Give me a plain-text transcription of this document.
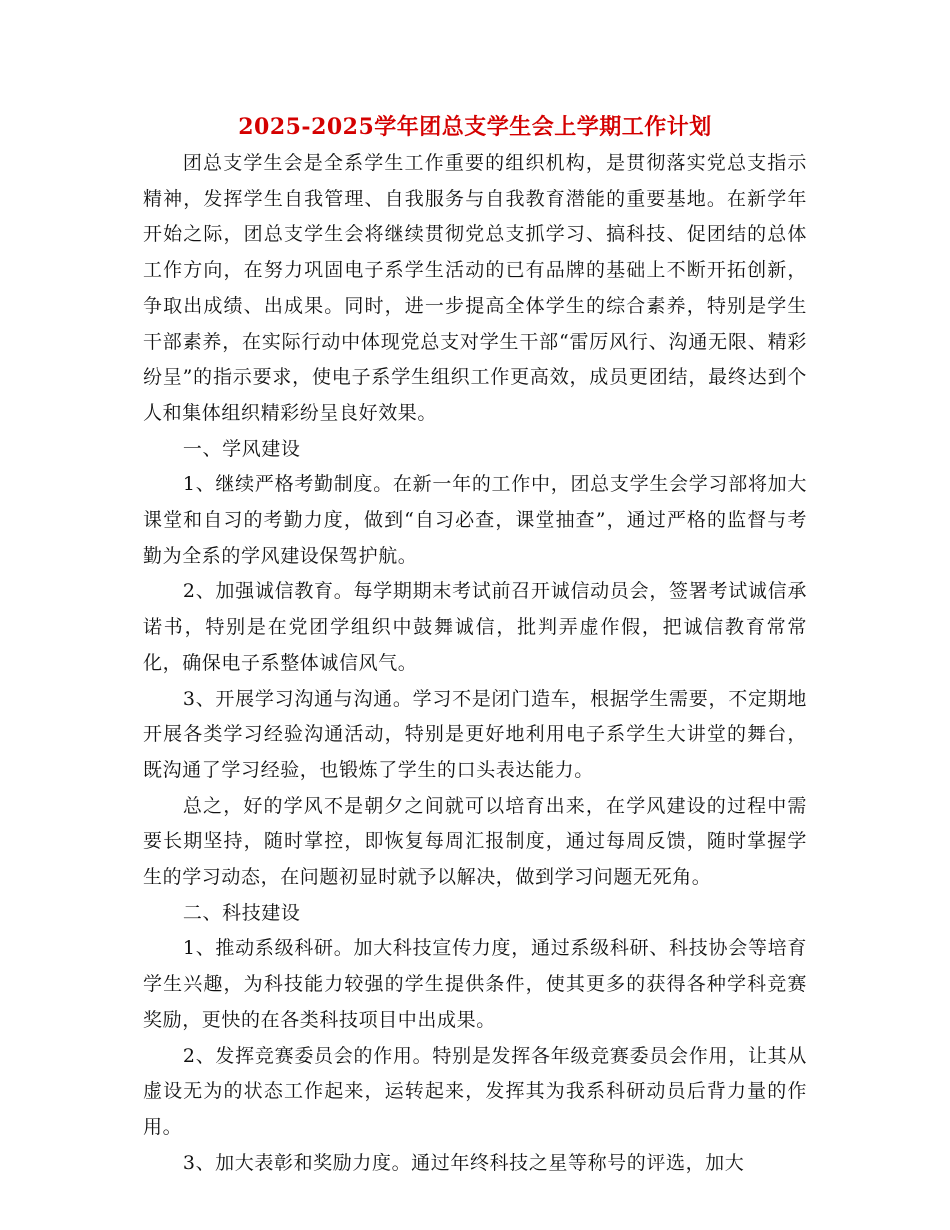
2025-2025学年团总支学生会上学期工作计划

团总支学生会是全系学生工作重要的组织机构，是贯彻落实党总支指示精神，发挥学生自我管理、自我服务与自我教育潜能的重要基地。在新学年开始之际，团总支学生会将继续贯彻党总支抓学习、搞科技、促团结的总体工作方向，在努力巩固电子系学生活动的已有品牌的基础上不断开拓创新，争取出成绩、出成果。同时，进一步提高全体学生的综合素养，特别是学生干部素养，在实际行动中体现党总支对学生干部“雷厉风行、沟通无限、精彩纷呈”的指示要求，使电子系学生组织工作更高效，成员更团结，最终达到个人和集体组织精彩纷呈良好效果。

一、学风建设

1、继续严格考勤制度。在新一年的工作中，团总支学生会学习部将加大课堂和自习的考勤力度，做到“自习必查，课堂抽查”，通过严格的监督与考勤为全系的学风建设保驾护航。

2、加强诚信教育。每学期期末考试前召开诚信动员会，签署考试诚信承诺书，特别是在党团学组织中鼓舞诚信，批判弄虚作假，把诚信教育常常化，确保电子系整体诚信风气。

3、开展学习沟通与沟通。学习不是闭门造车，根据学生需要，不定期地开展各类学习经验沟通活动，特别是更好地利用电子系学生大讲堂的舞台，既沟通了学习经验，也锻炼了学生的口头表达能力。

总之，好的学风不是朝夕之间就可以培育出来，在学风建设的过程中需要长期坚持，随时掌控，即恢复每周汇报制度，通过每周反馈，随时掌握学生的学习动态，在问题初显时就予以解决，做到学习问题无死角。

二、科技建设

1、推动系级科研。加大科技宣传力度，通过系级科研、科技协会等培育学生兴趣，为科技能力较强的学生提供条件，使其更多的获得各种学科竞赛奖励，更快的在各类科技项目中出成果。

2、发挥竞赛委员会的作用。特别是发挥各年级竞赛委员会作用，让其从虚设无为的状态工作起来，运转起来，发挥其为我系科研动员后背力量的作用。

3、加大表彰和奖励力度。通过年终科技之星等称号的评选，加大
